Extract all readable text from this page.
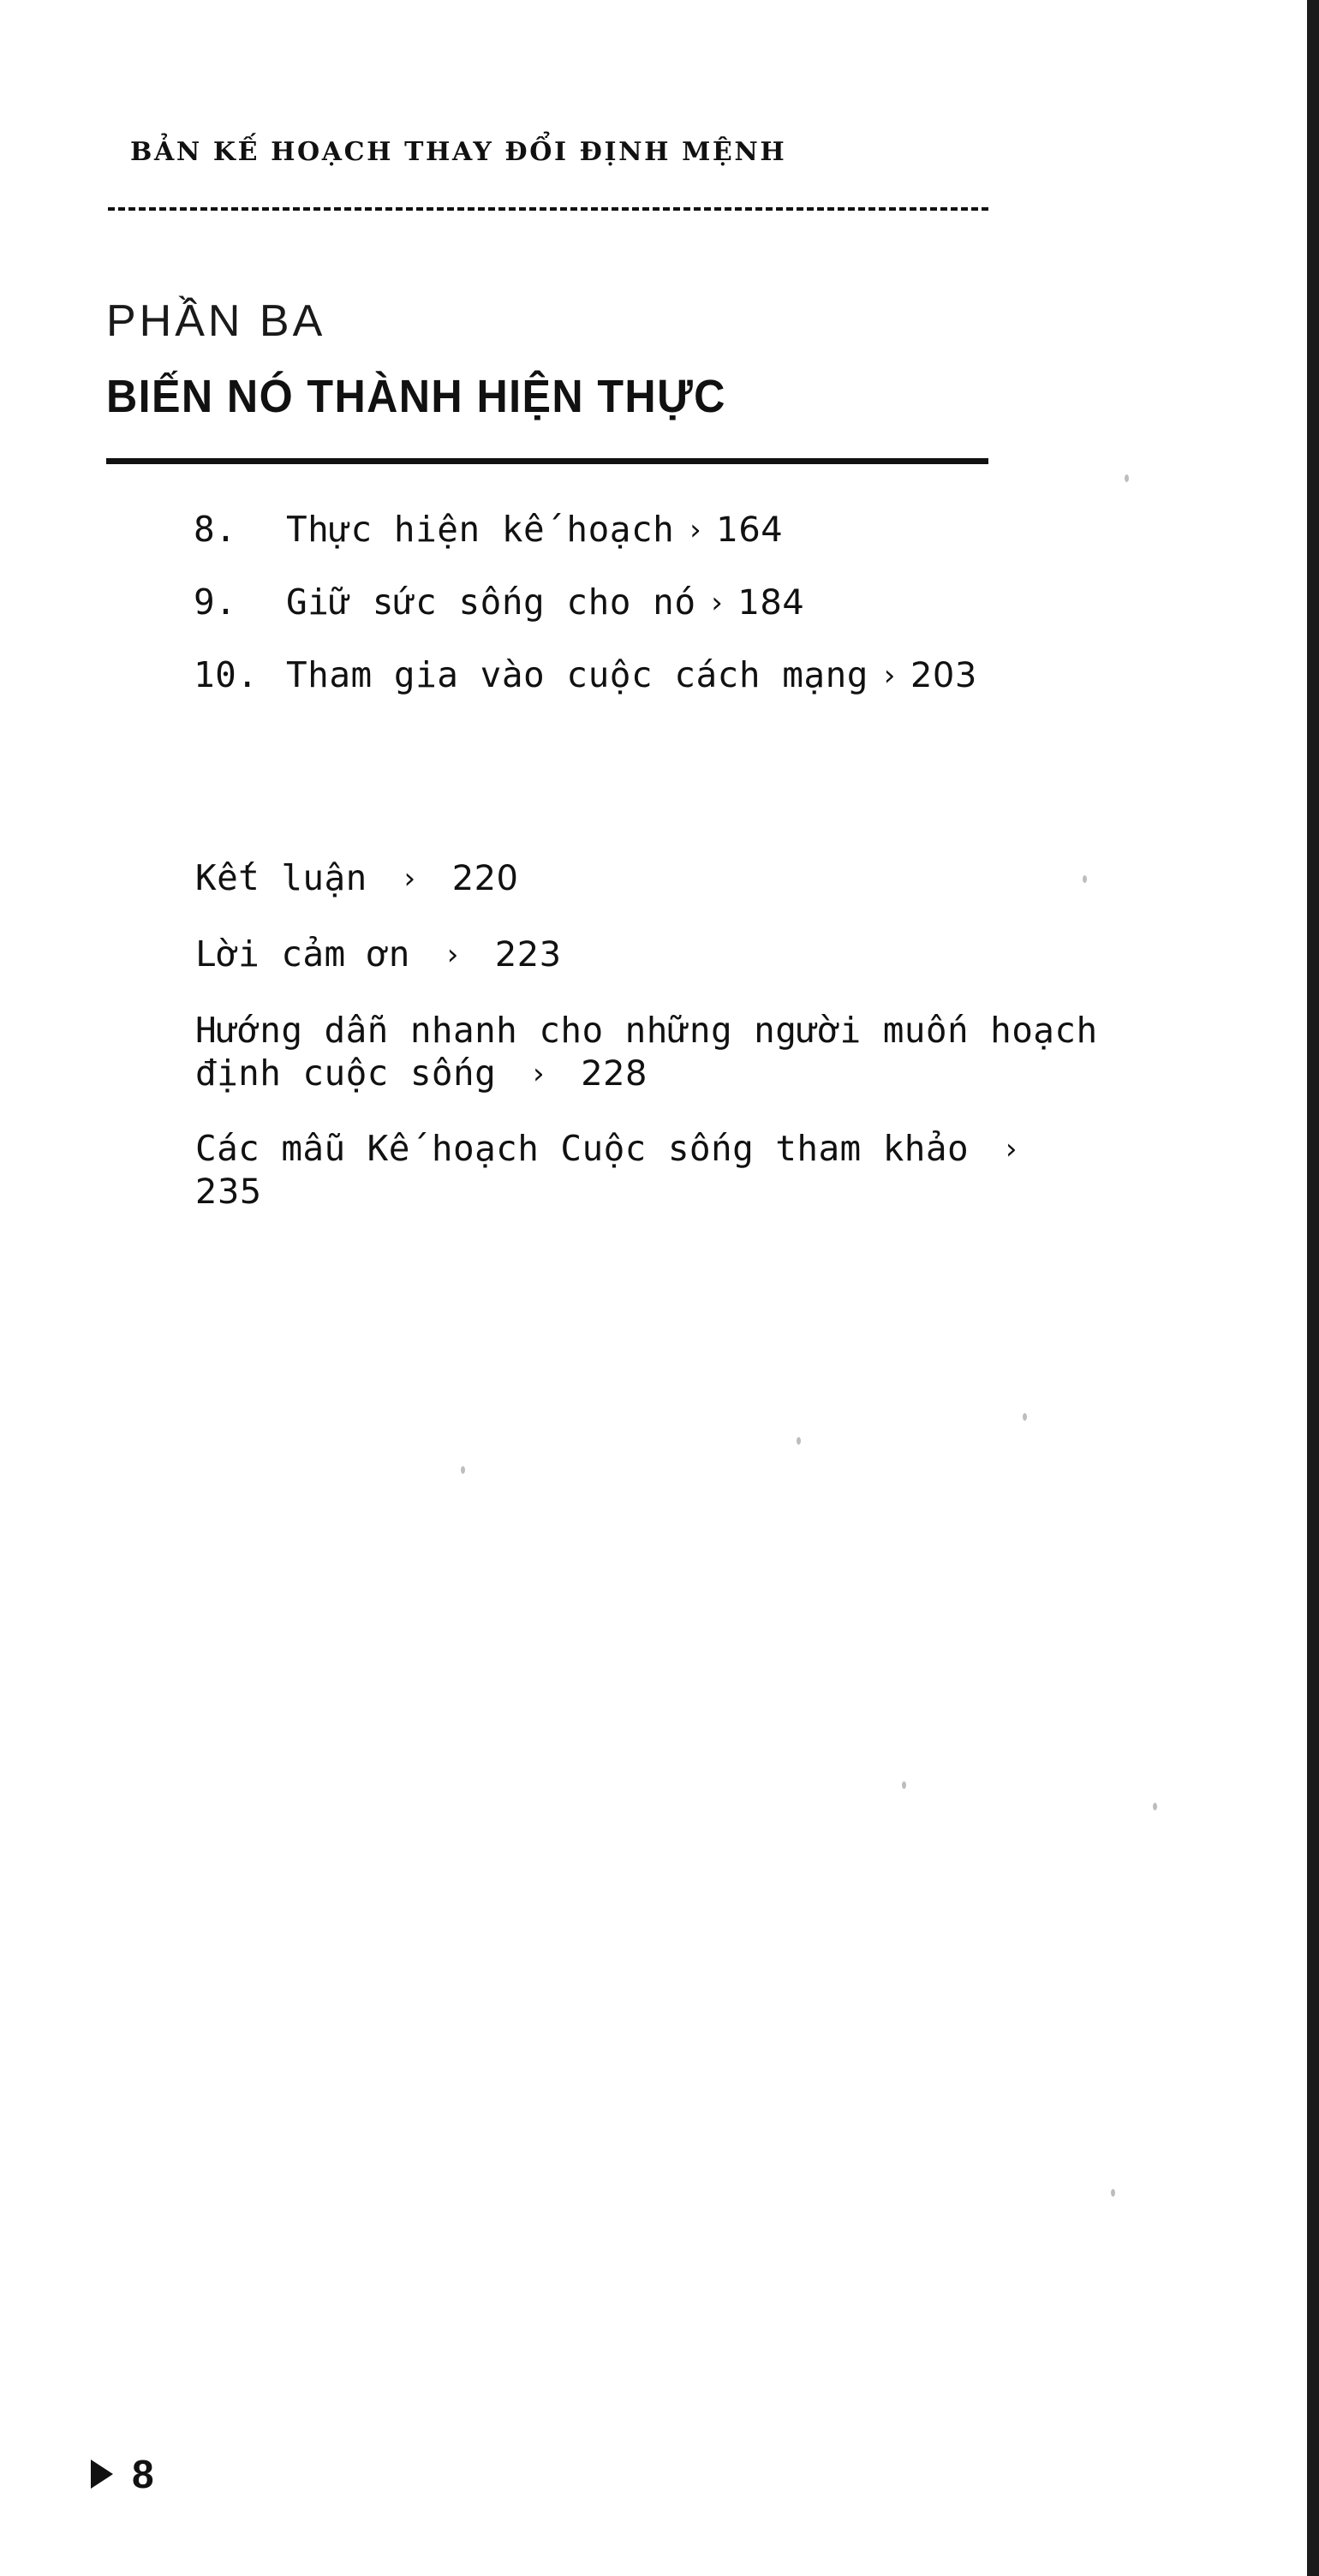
BẢN KẾ HOẠCH THAY ĐỔI ĐỊNH MỆNH
PHẦN BA
BIẾN NÓ THÀNH HIỆN THỰC
8.	Thực hiện kế hoạch › 164
9.	Giữ sức sống cho nó › 184
10. Tham gia vào cuộc cách mạng › 203
Kết luận › 220
Lời cảm ơn › 223
Hướng dẫn nhanh cho những người muốn hoạch định cuộc sống › 228
Các mẫu Kế hoạch Cuộc sống tham khảo › 235
8
